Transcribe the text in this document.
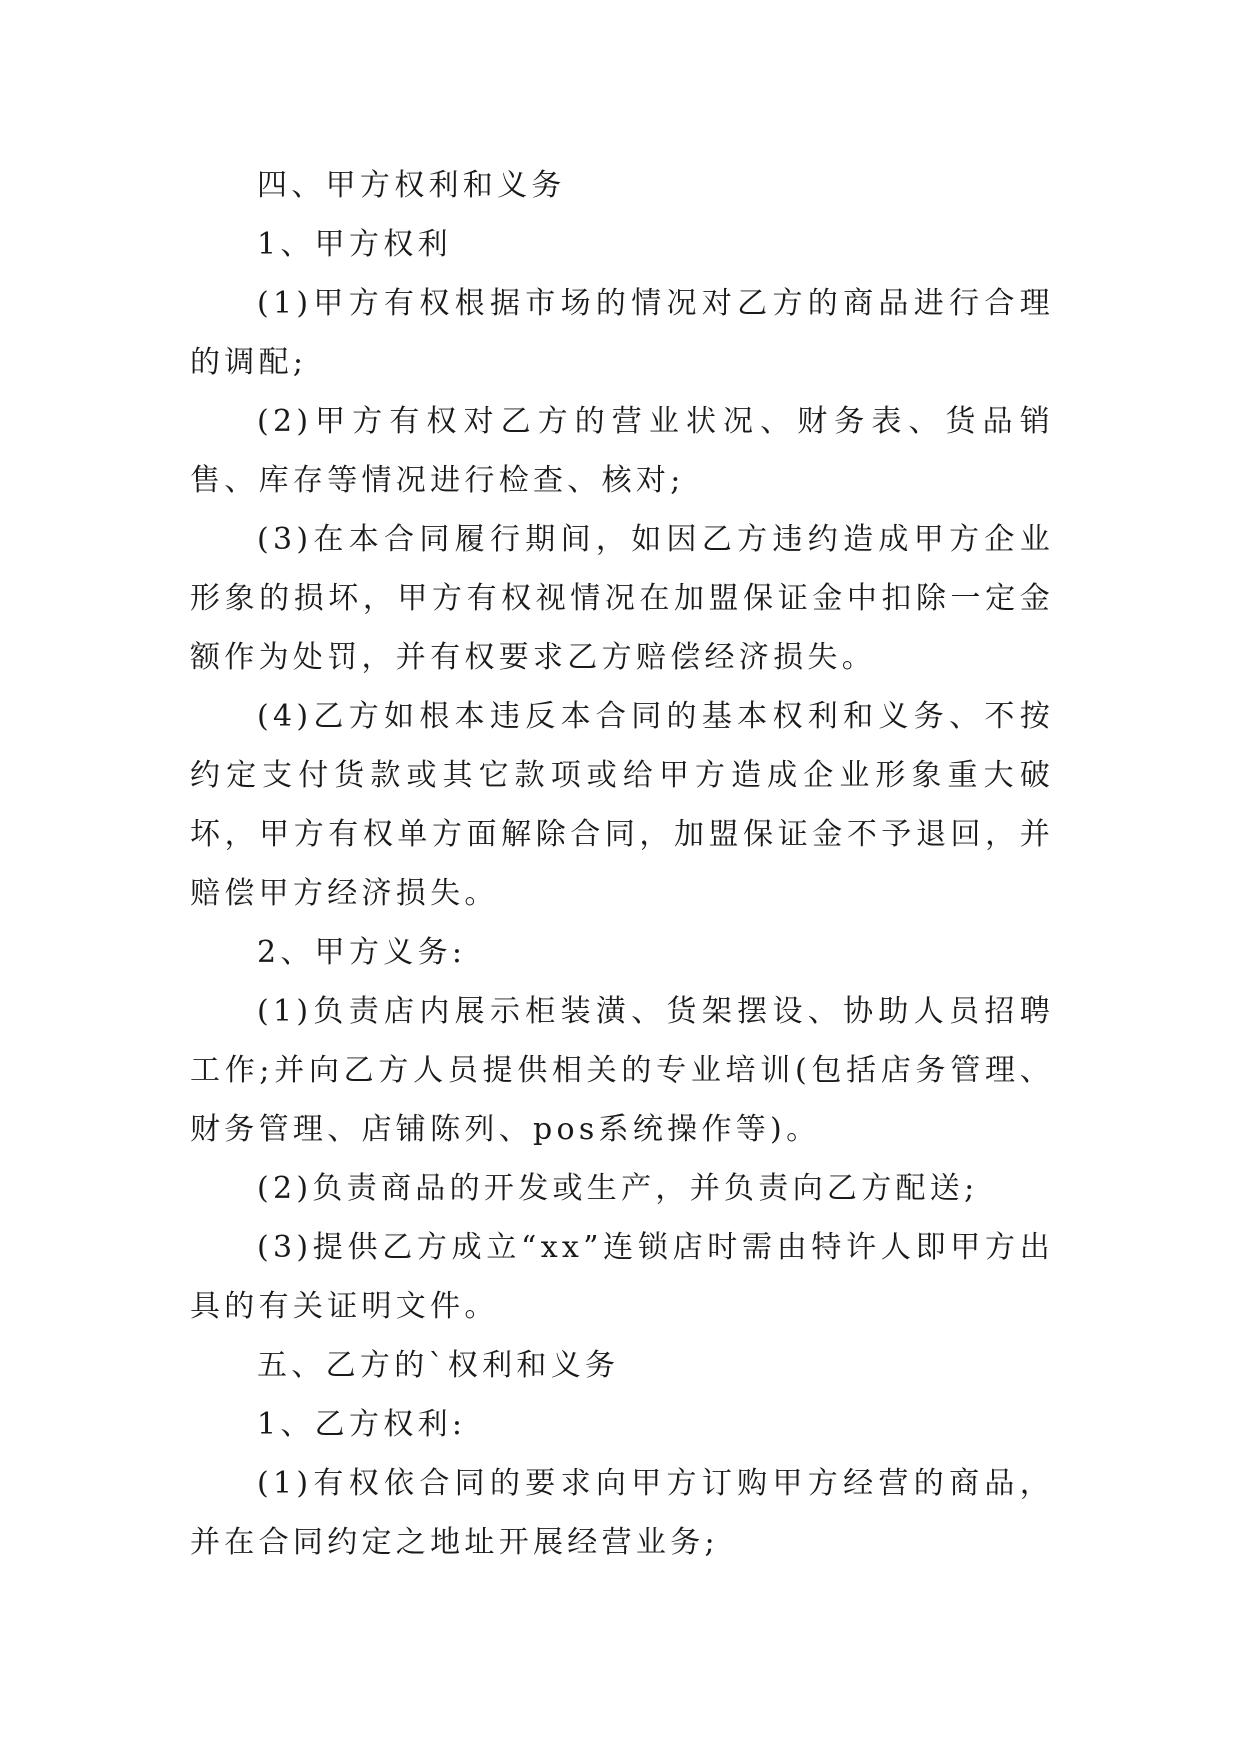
四、甲方权利和义务

1、甲方权利

(1)甲方有权根据市场的情况对乙方的商品进行合理的调配;

(2)甲方有权对乙方的营业状况、财务表、货品销售、库存等情况进行检查、核对;

(3)在本合同履行期间，如因乙方违约造成甲方企业形象的损坏，甲方有权视情况在加盟保证金中扣除一定金额作为处罚，并有权要求乙方赔偿经济损失。

(4)乙方如根本违反本合同的基本权利和义务、不按约定支付货款或其它款项或给甲方造成企业形象重大破坏，甲方有权单方面解除合同，加盟保证金不予退回，并赔偿甲方经济损失。

2、甲方义务:

(1)负责店内展示柜装潢、货架摆设、协助人员招聘工作;并向乙方人员提供相关的专业培训(包括店务管理、财务管理、店铺陈列、pos系统操作等)。

(2)负责商品的开发或生产，并负责向乙方配送;

(3)提供乙方成立“xx”连锁店时需由特许人即甲方出具的有关证明文件。

五、乙方的`权利和义务

1、乙方权利:

(1)有权依合同的要求向甲方订购甲方经营的商品，并在合同约定之地址开展经营业务;
